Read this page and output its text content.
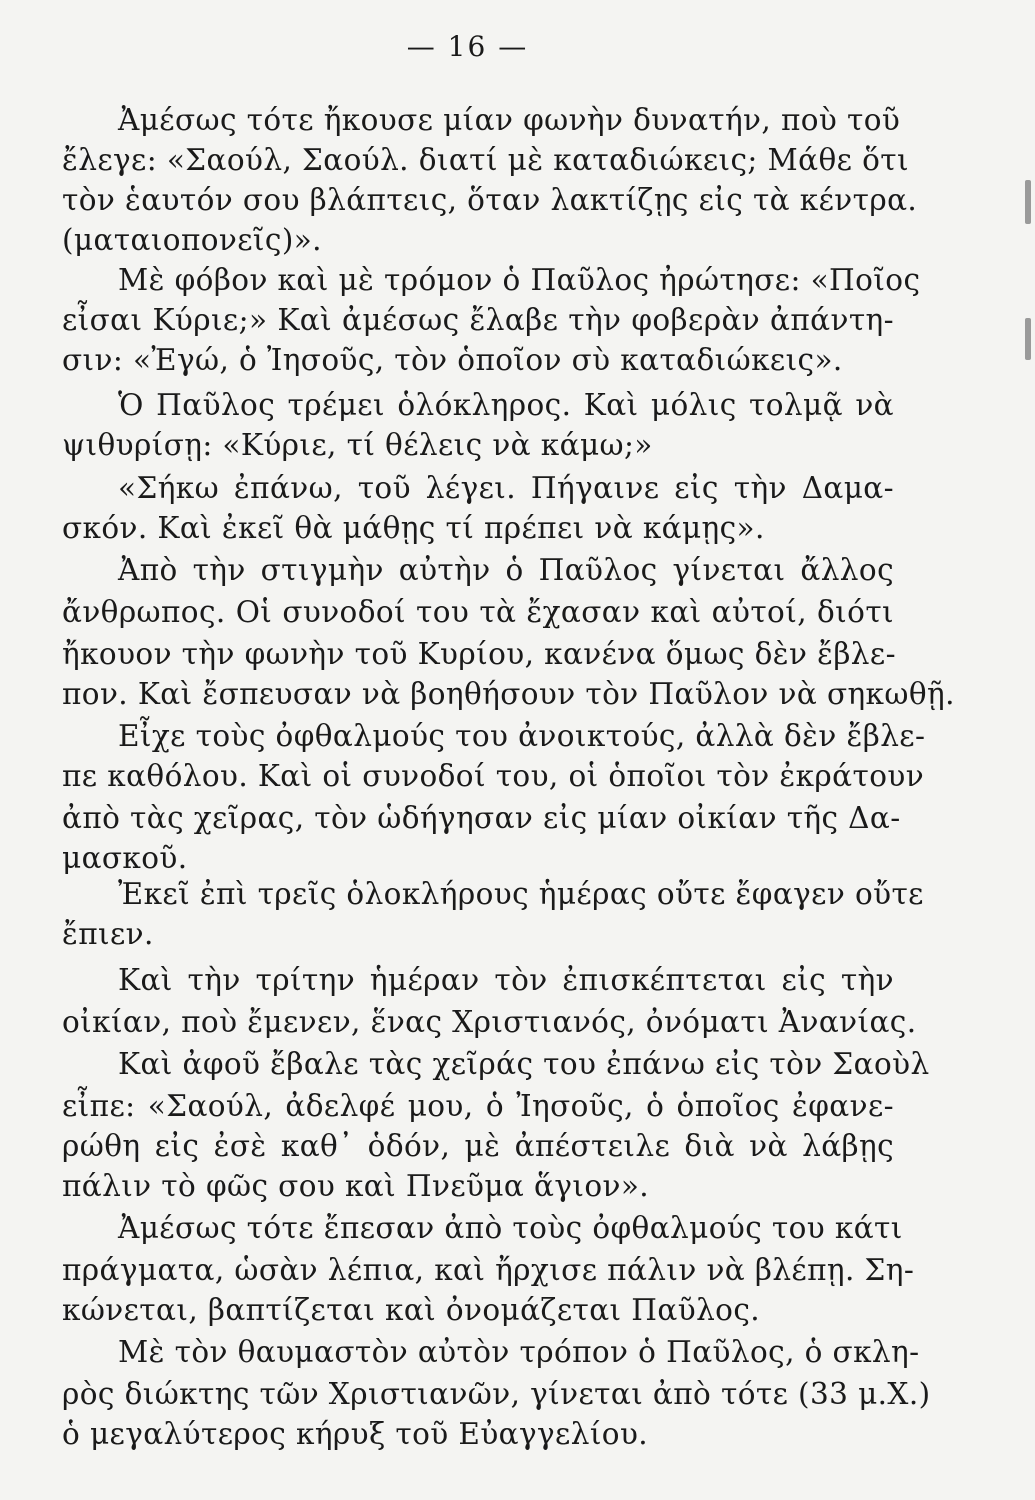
— 16 —
Ἀμέσως τότε ἤκουσε μίαν φωνὴν δυνατήν, ποὺ τοῦ
ἔλεγε: «Σαούλ, Σαούλ. διατί μὲ καταδιώκεις; Μάθε ὅτι
τὸν ἑαυτόν σου βλάπτεις, ὅταν λακτίζῃς εἰς τὰ κέντρα.
(ματαιοπονεῖς)».
Μὲ φόβον καὶ μὲ τρόμον ὁ Παῦλος ἠρώτησε: «Ποῖος
εἶσαι Κύριε;» Καὶ ἀμέσως ἔλαβε τὴν φοβερὰν ἀπάντη-
σιν: «Ἐγώ, ὁ Ἰησοῦς, τὸν ὁποῖον σὺ καταδιώκεις».
Ὁ Παῦλος τρέμει ὁλόκληρος. Καὶ μόλις τολμᾷ νὰ
ψιθυρίσῃ: «Κύριε, τί θέλεις νὰ κάμω;»
«Σήκω ἐπάνω, τοῦ λέγει. Πήγαινε εἰς τὴν Δαμα-
σκόν. Καὶ ἐκεῖ θὰ μάθῃς τί πρέπει νὰ κάμῃς».
Ἀπὸ τὴν στιγμὴν αὐτὴν ὁ Παῦλος γίνεται ἄλλος
ἄνθρωπος. Οἱ συνοδοί του τὰ ἔχασαν καὶ αὐτοί, διότι
ἤκουον τὴν φωνὴν τοῦ Κυρίου, κανένα ὅμως δὲν ἔβλε-
πον. Καὶ ἔσπευσαν νὰ βοηθήσουν τὸν Παῦλον νὰ σηκωθῇ.
Εἶχε τοὺς ὀφθαλμούς του ἀνοικτούς, ἀλλὰ δὲν ἔβλε-
πε καθόλου. Καὶ οἱ συνοδοί του, οἱ ὁποῖοι τὸν ἐκράτουν
ἀπὸ τὰς χεῖρας, τὸν ὡδήγησαν εἰς μίαν οἰκίαν τῆς Δα-
μασκοῦ.
Ἐκεῖ ἐπὶ τρεῖς ὁλοκλήρους ἡμέρας οὔτε ἔφαγεν οὔτε
ἔπιεν.
Καὶ τὴν τρίτην ἡμέραν τὸν ἐπισκέπτεται εἰς τὴν
οἰκίαν, ποὺ ἔμενεν, ἕνας Χριστιανός, ὀνόματι Ἀνανίας.
Καὶ ἀφοῦ ἔβαλε τὰς χεῖράς του ἐπάνω εἰς τὸν Σαοὺλ
εἶπε: «Σαούλ, ἀδελφέ μου, ὁ Ἰησοῦς, ὁ ὁποῖος ἐφανε-
ρώθη εἰς ἐσὲ καθ᾽ ὁδόν, μὲ ἀπέστειλε διὰ νὰ λάβῃς
πάλιν τὸ φῶς σου καὶ Πνεῦμα ἅγιον».
Ἀμέσως τότε ἔπεσαν ἀπὸ τοὺς ὀφθαλμούς του κάτι
πράγματα, ὡσὰν λέπια, καὶ ἤρχισε πάλιν νὰ βλέπῃ. Ση-
κώνεται, βαπτίζεται καὶ ὀνομάζεται Παῦλος.
Μὲ τὸν θαυμαστὸν αὐτὸν τρόπον ὁ Παῦλος, ὁ σκλη-
ρὸς διώκτης τῶν Χριστιανῶν, γίνεται ἀπὸ τότε (33 μ.Χ.)
ὁ μεγαλύτερος κήρυξ τοῦ Εὐαγγελίου.
